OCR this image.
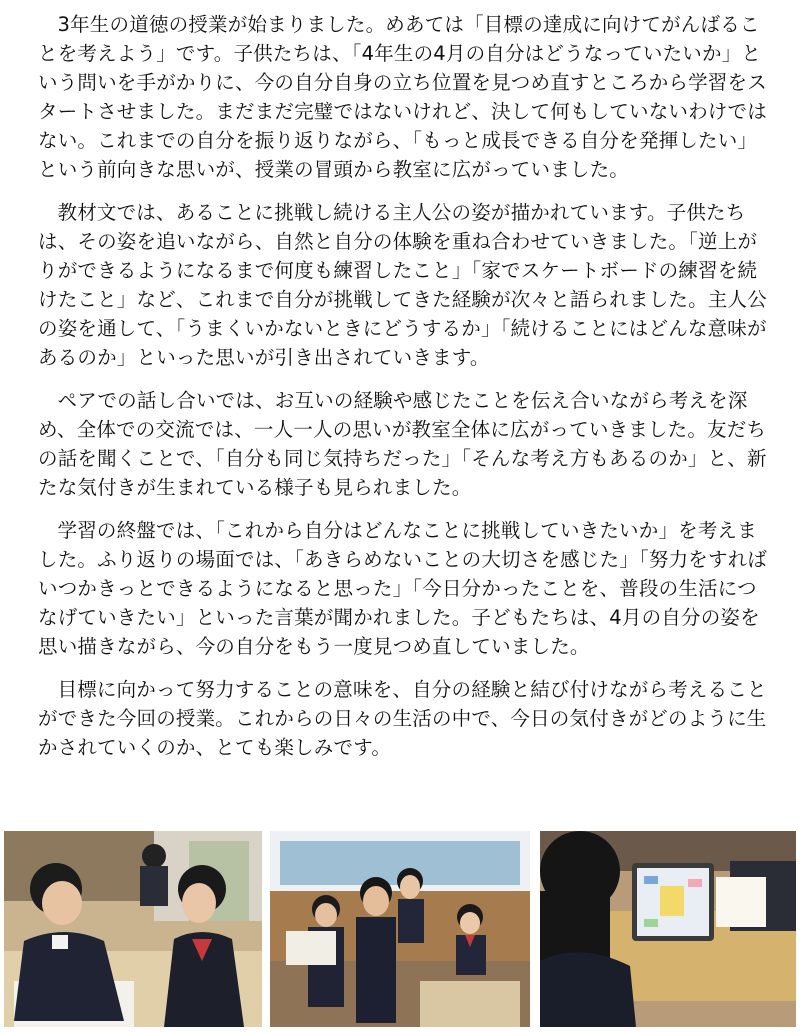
3年生の道徳の授業が始まりました。めあては「目標の達成に向けてがんばることを考えよう」です。子供たちは、「4年生の4月の自分はどうなっていたいか」という問いを手がかりに、今の自分自身の立ち位置を見つめ直すところから学習をスタートさせました。まだまだ完璧ではないけれど、決して何もしていないわけではない。これまでの自分を振り返りながら、「もっと成長できる自分を発揮したい」という前向きな思いが、授業の冒頭から教室に広がっていました。

教材文では、あることに挑戦し続ける主人公の姿が描かれています。子供たちは、その姿を追いながら、自然と自分の体験を重ね合わせていきました。「逆上がりができるようになるまで何度も練習したこと」「家でスケートボードの練習を続けたこと」など、これまで自分が挑戦してきた経験が次々と語られました。主人公の姿を通して、「うまくいかないときにどうするか」「続けることにはどんな意味があるのか」といった思いが引き出されていきます。

ペアでの話し合いでは、お互いの経験や感じたことを伝え合いながら考えを深め、全体での交流では、一人一人の思いが教室全体に広がっていきました。友だちの話を聞くことで、「自分も同じ気持ちだった」「そんな考え方もあるのか」と、新たな気付きが生まれている様子も見られました。

学習の終盤では、「これから自分はどんなことに挑戦していきたいか」を考えました。ふり返りの場面では、「あきらめないことの大切さを感じた」「努力をすればいつかきっとできるようになると思った」「今日分かったことを、普段の生活につなげていきたい」といった言葉が聞かれました。子どもたちは、4月の自分の姿を思い描きながら、今の自分をもう一度見つめ直していました。

目標に向かって努力することの意味を、自分の経験と結び付けながら考えることができた今回の授業。これからの日々の生活の中で、今日の気付きがどのように生かされていくのか、とても楽しみです。
